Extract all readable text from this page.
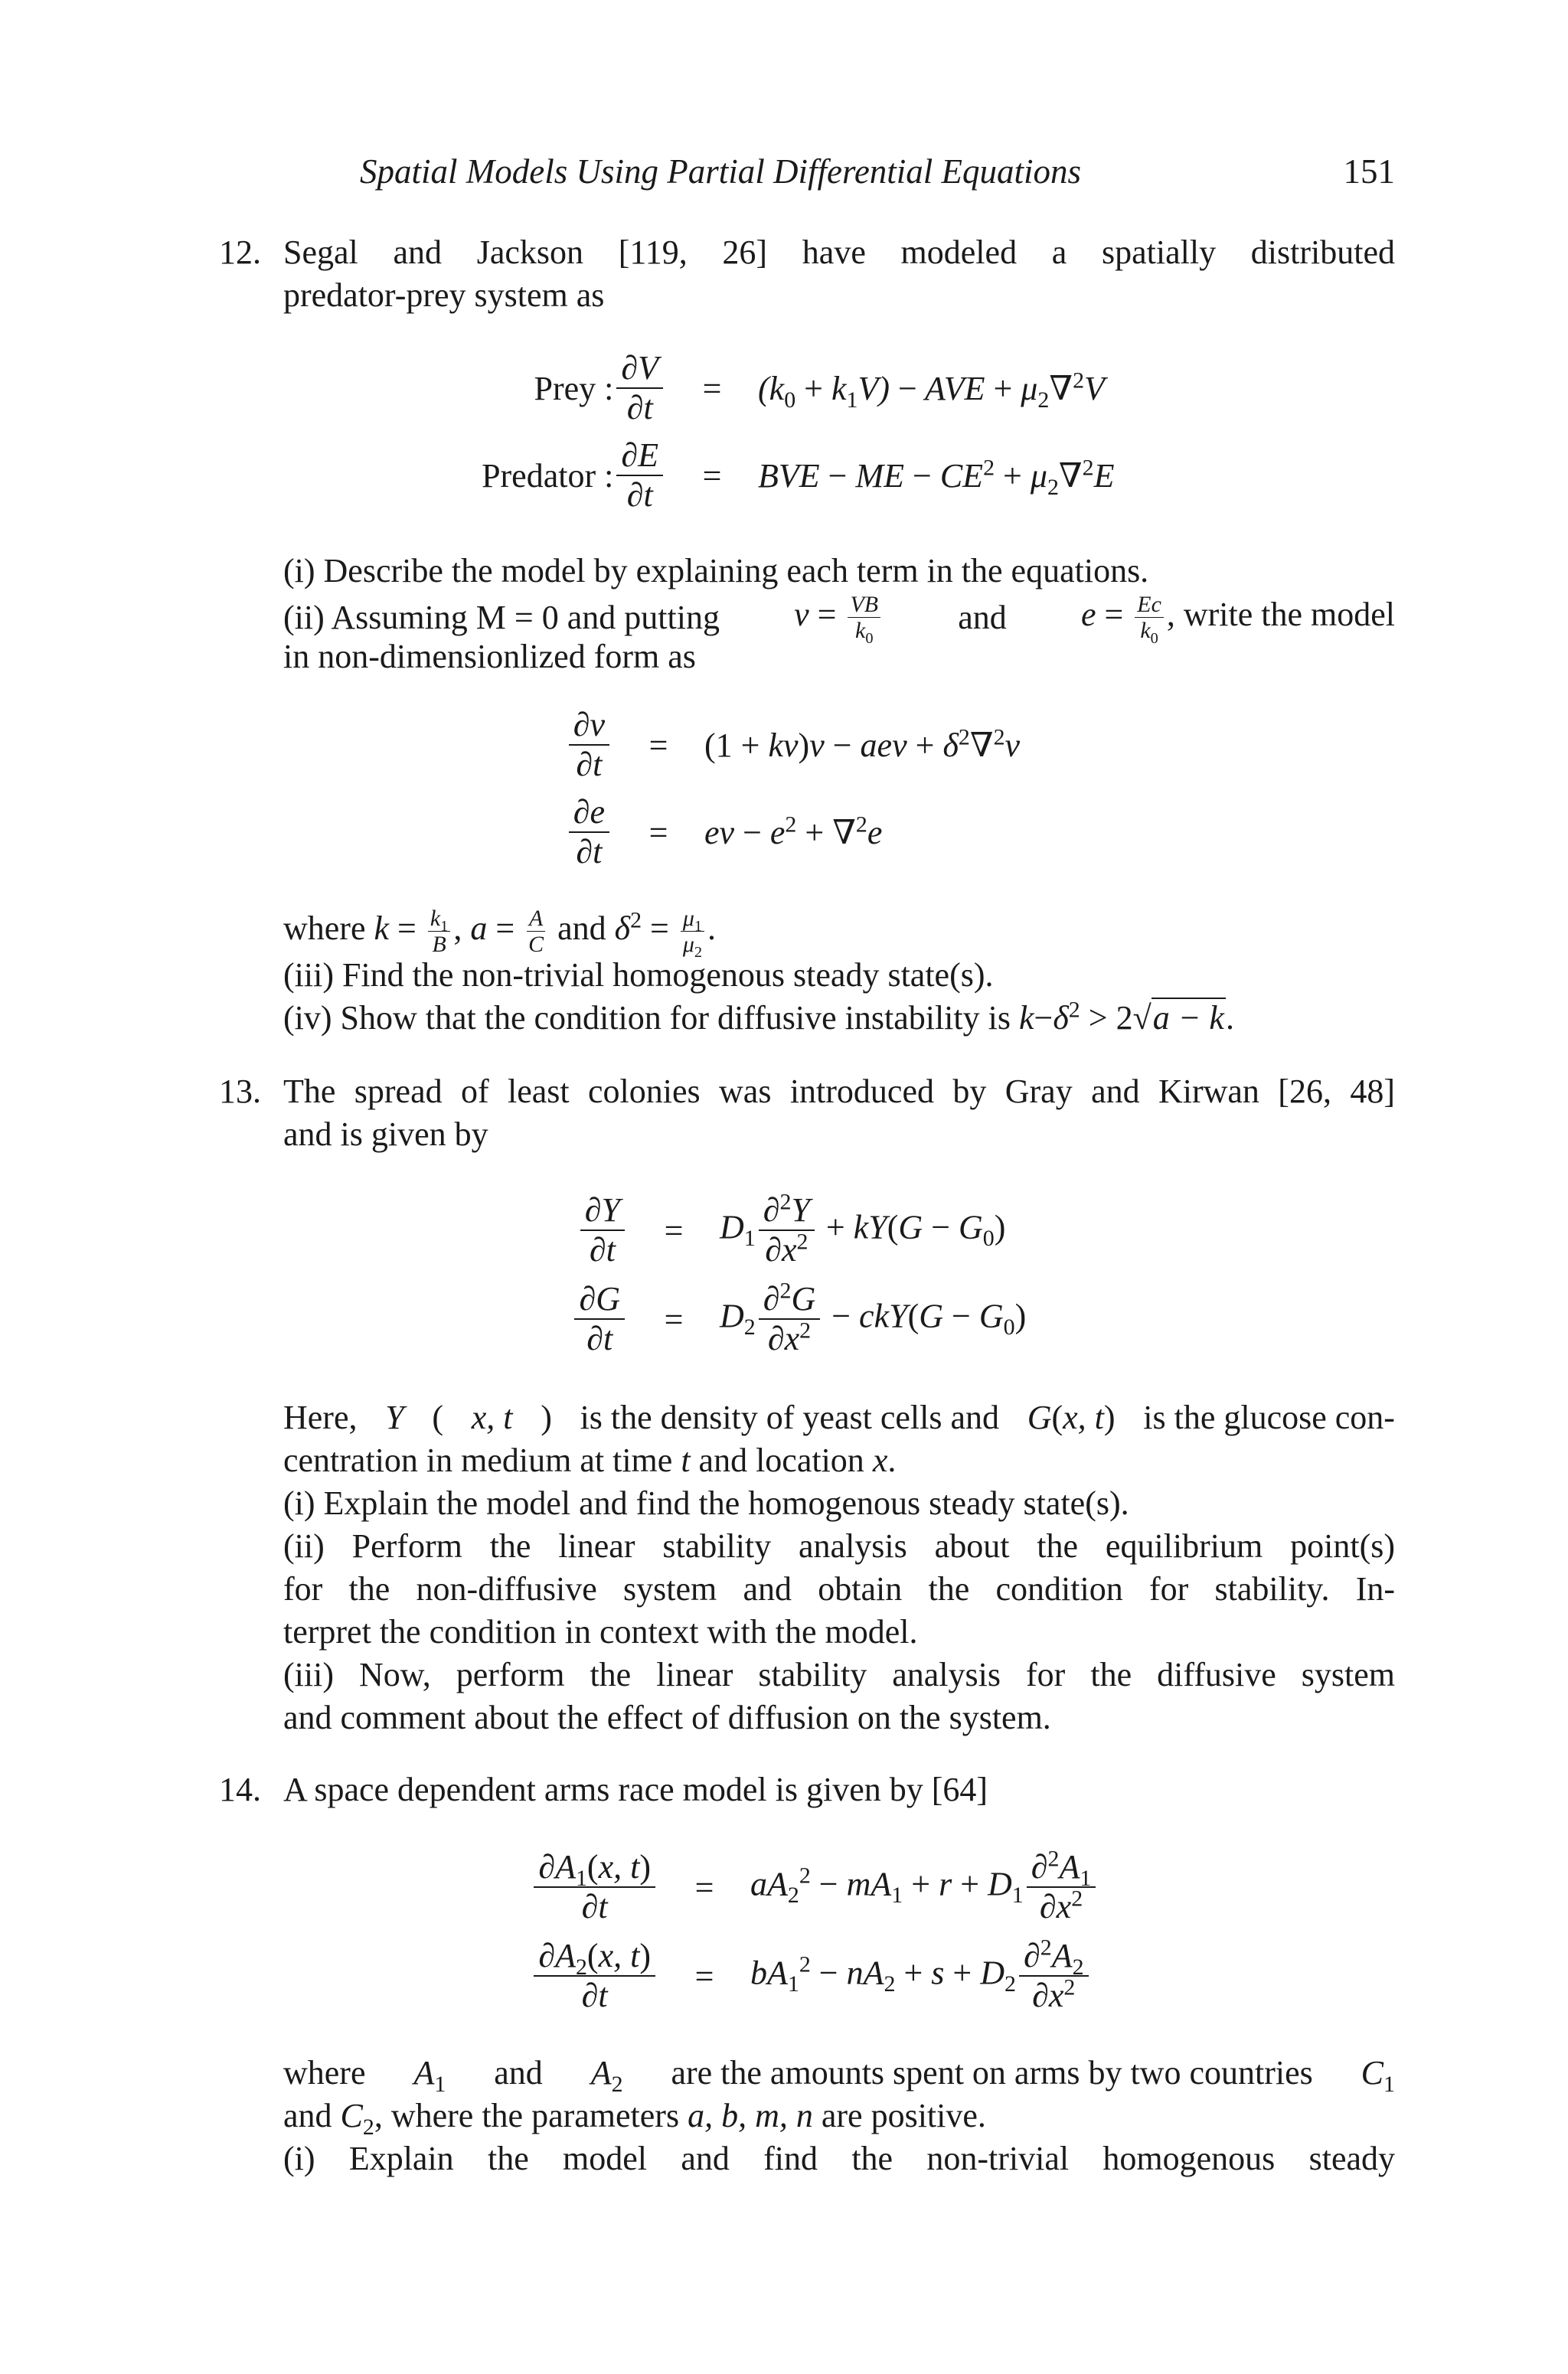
Spatial Models Using Partial Differential Equations	151
12. Segal and Jackson [119, 26] have modeled a spatially distributed
predator-prey system as
Prey : $\frac{\partial V}{\partial t}$	=	$(k_0 + k_1V)$ − AVE + $\mu_2\nabla^2V$
Predator : $\frac{\partial E}{\partial t}$	=	BVE − ME − $CE^2 + \mu_2\nabla^2E$
(i) Describe the model by explaining each term in the equations.
(ii) Assuming M = 0 and putting $v = \frac{VB}{k_0}$ and $e = \frac{Ec}{k_0}$ , write the model
in non-dimensionlized form as
$\frac{\partial v}{\partial t}$	=	(1 + kv)v − aev + $\delta^2\nabla^2v$
$\frac{\partial e}{\partial t}$	=	ev − $e^2 + \nabla^2e$
where $k = \frac{k_1}{B}$ , $a = \frac{A}{C}$ and $\delta^2 = \frac{\mu_1}{\mu_2}$ .
(iii) Find the non-trivial homogenous steady state(s).
(iv) Show that the condition for diffusive instability is $k-\delta^2 > 2√a - k$.
13. The spread of least colonies was introduced by Gray and Kirwan [26, 48]
and is given by
$\frac{\partial Y}{\partial t}$	=	$D_1 \frac{\partial^2Y}{\partial x^2} + kY(G - G_0)$
$\frac{\partial G}{\partial t}$	=	$D_2 \frac{\partial^2G}{\partial x^2} - ckY(G - G_0)$
Here, Y ( x, t ) is the density of yeast cells and G(x, t) is the glucose con-
centration in medium at time t and location x.
(i) Explain the model and find the homogenous steady state(s).
(ii) Perform the linear stability analysis about the equilibrium point(s)
for the non-diffusive system and obtain the condition for stability. In-
terpret the condition in context with the model.
(iii) Now, perform the linear stability analysis for the diffusive system
and comment about the effect of diffusion on the system.
14. A space dependent arms race model is given by [64]
$\frac{\partial A_1(x, t)}{\partial t}$	=	$aA_2^2 - mA_1 + r + D_1 \frac{\partial^2A_1}{\partial x^2}$
$\frac{\partial A_2(x, t)}{\partial t}$	=	$bA_1^2 - nA_2 + s + D_2 \frac{\partial^2A_2}{\partial x^2}$
where $A_1$ and $A_2$ are the amounts spent on arms by two countries $C_1$
and $C_2$, where the parameters a, b, m, n are positive.
(i) Explain the model and find the non-trivial homogenous steady
